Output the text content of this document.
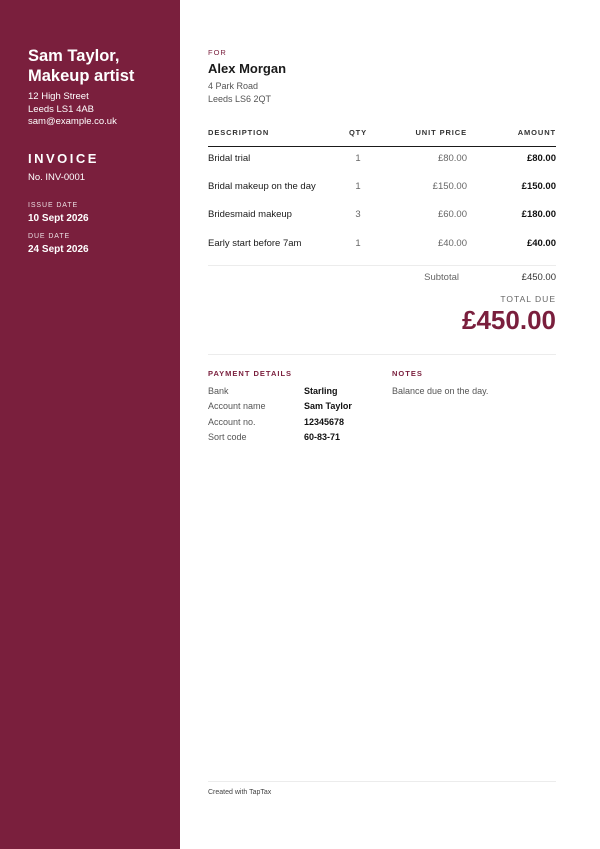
Sam Taylor, Makeup artist
12 High Street
Leeds LS1 4AB
sam@example.co.uk
INVOICE
No. INV-0001
ISSUE DATE
10 Sept 2026
DUE DATE
24 Sept 2026
FOR
Alex Morgan
4 Park Road
Leeds LS6 2QT
DESCRIPTION	QTY	UNIT PRICE	AMOUNT
Bridal trial	1	£80.00	£80.00
Bridal makeup on the day	1	£150.00	£150.00
Bridesmaid makeup	3	£60.00	£180.00
Early start before 7am	1	£40.00	£40.00
Subtotal	£450.00
TOTAL DUE
£450.00
PAYMENT DETAILS
Bank	Starling
Account name	Sam Taylor
Account no.	12345678
Sort code	60-83-71
NOTES
Balance due on the day.
Created with TapTax
